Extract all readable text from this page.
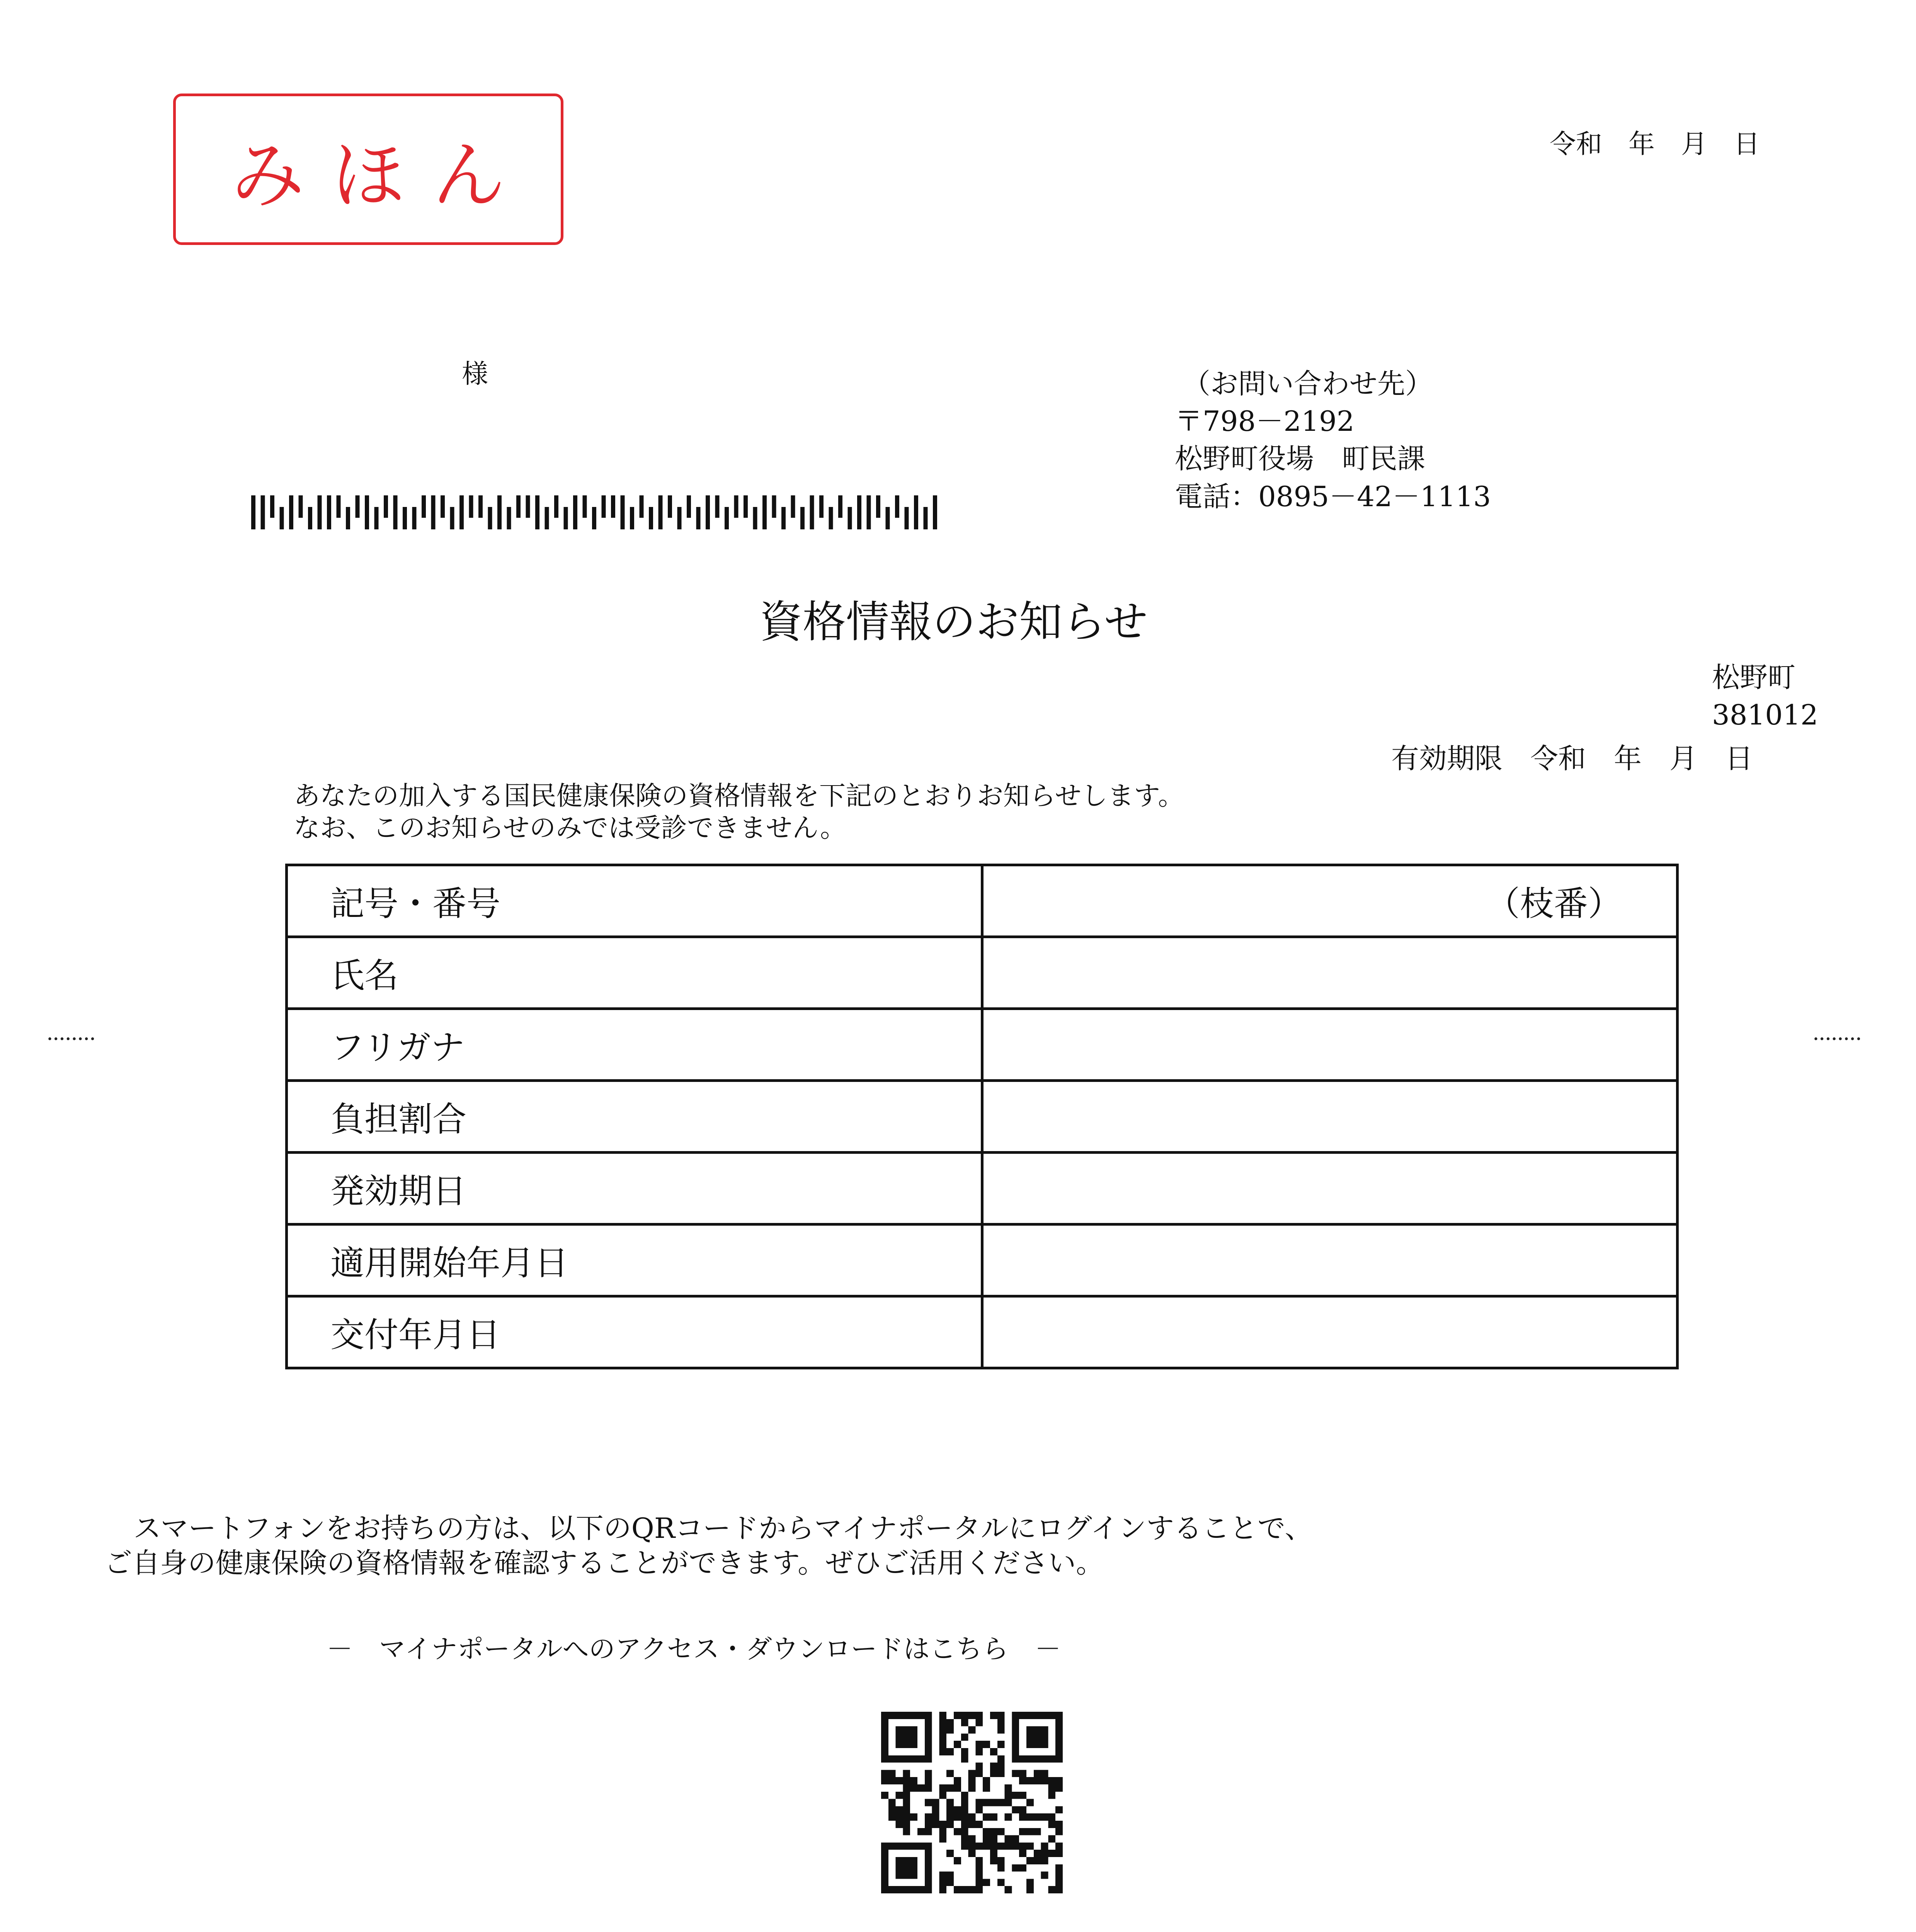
みほん	令和　年　月　日
様	（お問い合わせ先）
〒798－2192
松野町役場　町民課
電話：0895－42－1113
資格情報のお知らせ
松野町
381012
有効期限　令和　年　月　日
あなたの加入する国民健康保険の資格情報を下記のとおりお知らせします。
なお、このお知らせのみでは受診できません。
記号・番号	（枝番）
氏名	
フリガナ	
負担割合	
発効期日	
適用開始年月日	
交付年月日	
........	........
スマートフォンをお持ちの方は、以下のQRコードからマイナポータルにログインすることで、
ご自身の健康保険の資格情報を確認することができます。ぜひご活用ください。
－　マイナポータルへのアクセス・ダウンロードはこちら　－
